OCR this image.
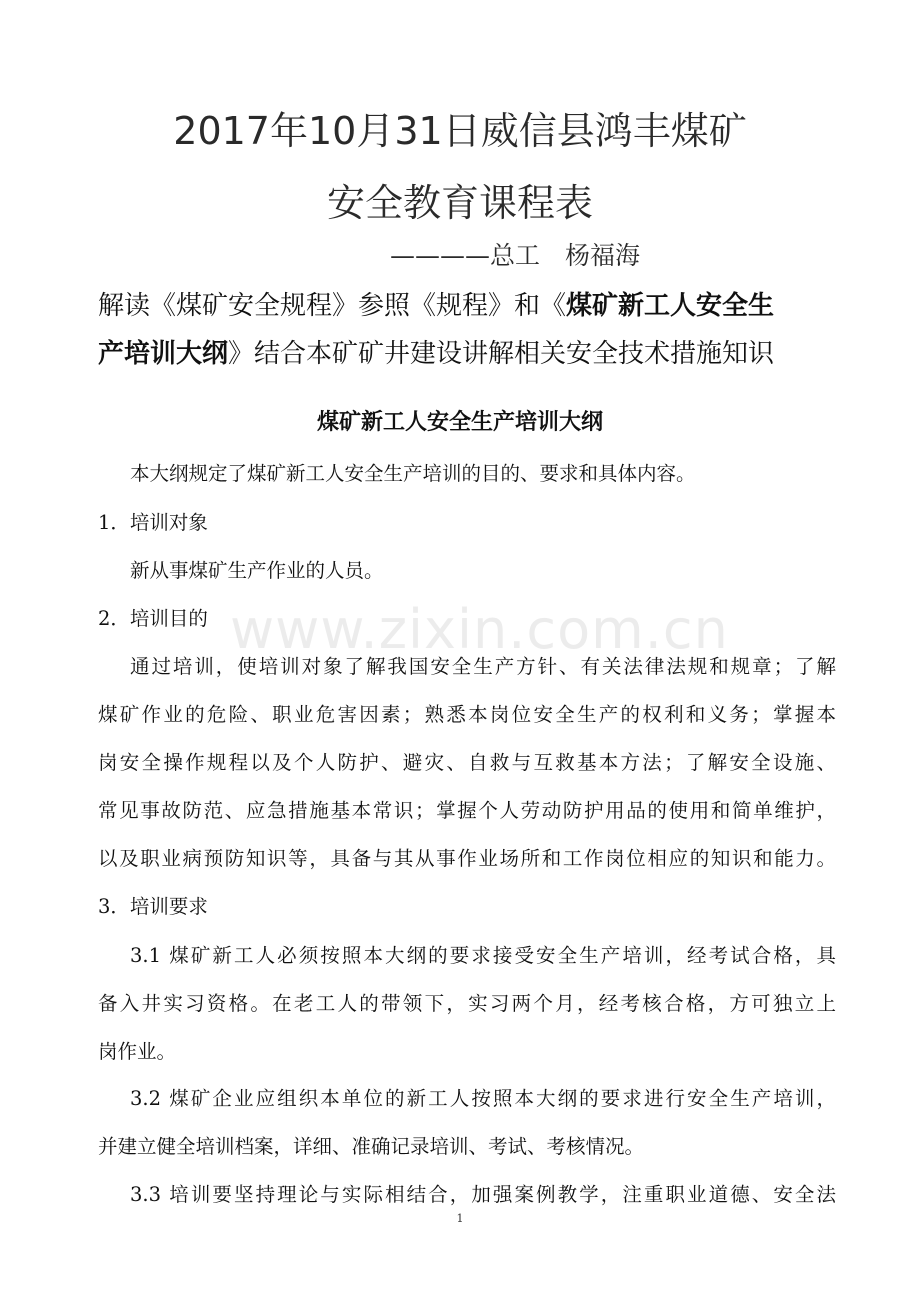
2017年10月31日威信县鸿丰煤矿
安全教育课程表
————总工　杨福海
解读《煤矿安全规程》参照《规程》和《煤矿新工人安全生
产培训大纲》结合本矿矿井建设讲解相关安全技术措施知识
煤矿新工人安全生产培训大纲
本大纲规定了煤矿新工人安全生产培训的目的、要求和具体内容。
1．培训对象
新从事煤矿生产作业的人员。
2．培训目的
通过培训，使培训对象了解我国安全生产方针、有关法律法规和规章；了解
煤矿作业的危险、职业危害因素；熟悉本岗位安全生产的权利和义务；掌握本
岗安全操作规程以及个人防护、避灾、自救与互救基本方法；了解安全设施、
常见事故防范、应急措施基本常识；掌握个人劳动防护用品的使用和简单维护，
以及职业病预防知识等，具备与其从事作业场所和工作岗位相应的知识和能力。
3．培训要求
3.1 煤矿新工人必须按照本大纲的要求接受安全生产培训，经考试合格，具
备入井实习资格。在老工人的带领下，实习两个月，经考核合格，方可独立上
岗作业。
3.2 煤矿企业应组织本单位的新工人按照本大纲的要求进行安全生产培训，
并建立健全培训档案，详细、准确记录培训、考试、考核情况。
3.3 培训要坚持理论与实际相结合，加强案例教学，注重职业道德、安全法
www.zixin.com.cn
1
